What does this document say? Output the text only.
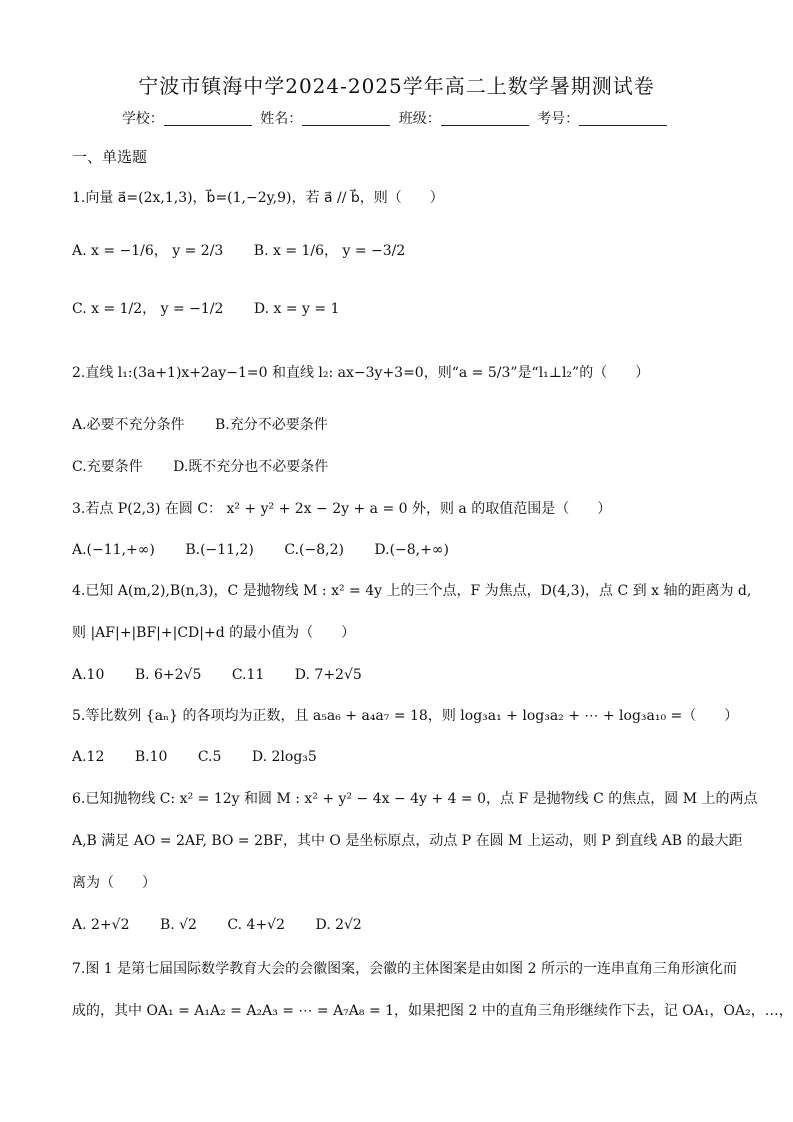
宁波市镇海中学2024-2025学年高二上数学暑期测试卷
学校：	姓名：	班级：	考号：
一、单选题
1.向量 a⃗=(2x,1,3)，b⃗=(1,−2y,9)，若 a⃗ // b⃗，则（　　）
A. x = −1/6， y = 2/3 B. x = 1/6， y = −3/2
C. x = 1/2， y = −1/2 D. x = y = 1
2.直线 l₁:(3a+1)x+2ay−1=0 和直线 l₂: ax−3y+3=0，则“a = 5/3”是“l₁⊥l₂”的（　　）
A.必要不充分条件 B.充分不必要条件
C.充要条件 D.既不充分也不必要条件
3.若点 P(2,3) 在圆 C： x² + y² + 2x − 2y + a = 0 外，则 a 的取值范围是（　　）
A.(−11,+∞) B.(−11,2) C.(−8,2) D.(−8,+∞)
4.已知 A(m,2),B(n,3)，C 是抛物线 M : x² = 4y 上的三个点，F 为焦点，D(4,3)，点 C 到 x 轴的距离为 d,
则 |AF|+|BF|+|CD|+d 的最小值为（　　）
A.10 B. 6+2√5 C.11 D. 7+2√5
5.等比数列 {aₙ} 的各项均为正数，且 a₅a₆ + a₄a₇ = 18，则 log₃a₁ + log₃a₂ + ⋯ + log₃a₁₀ =（　　）
A.12 B.10 C.5 D. 2log₃5
6.已知抛物线 C: x² = 12y 和圆 M : x² + y² − 4x − 4y + 4 = 0，点 F 是抛物线 C 的焦点，圆 M 上的两点
A,B 满足 AO = 2AF, BO = 2BF，其中 O 是坐标原点，动点 P 在圆 M 上运动，则 P 到直线 AB 的最大距
离为（　　）
A. 2+√2 B. √2 C. 4+√2 D. 2√2
7.图 1 是第七届国际数学教育大会的会徽图案，会徽的主体图案是由如图 2 所示的一连串直角三角形演化而
成的，其中 OA₁ = A₁A₂ = A₂A₃ = ⋯ = A₇A₈ = 1，如果把图 2 中的直角三角形继续作下去，记 OA₁，OA₂，…，
